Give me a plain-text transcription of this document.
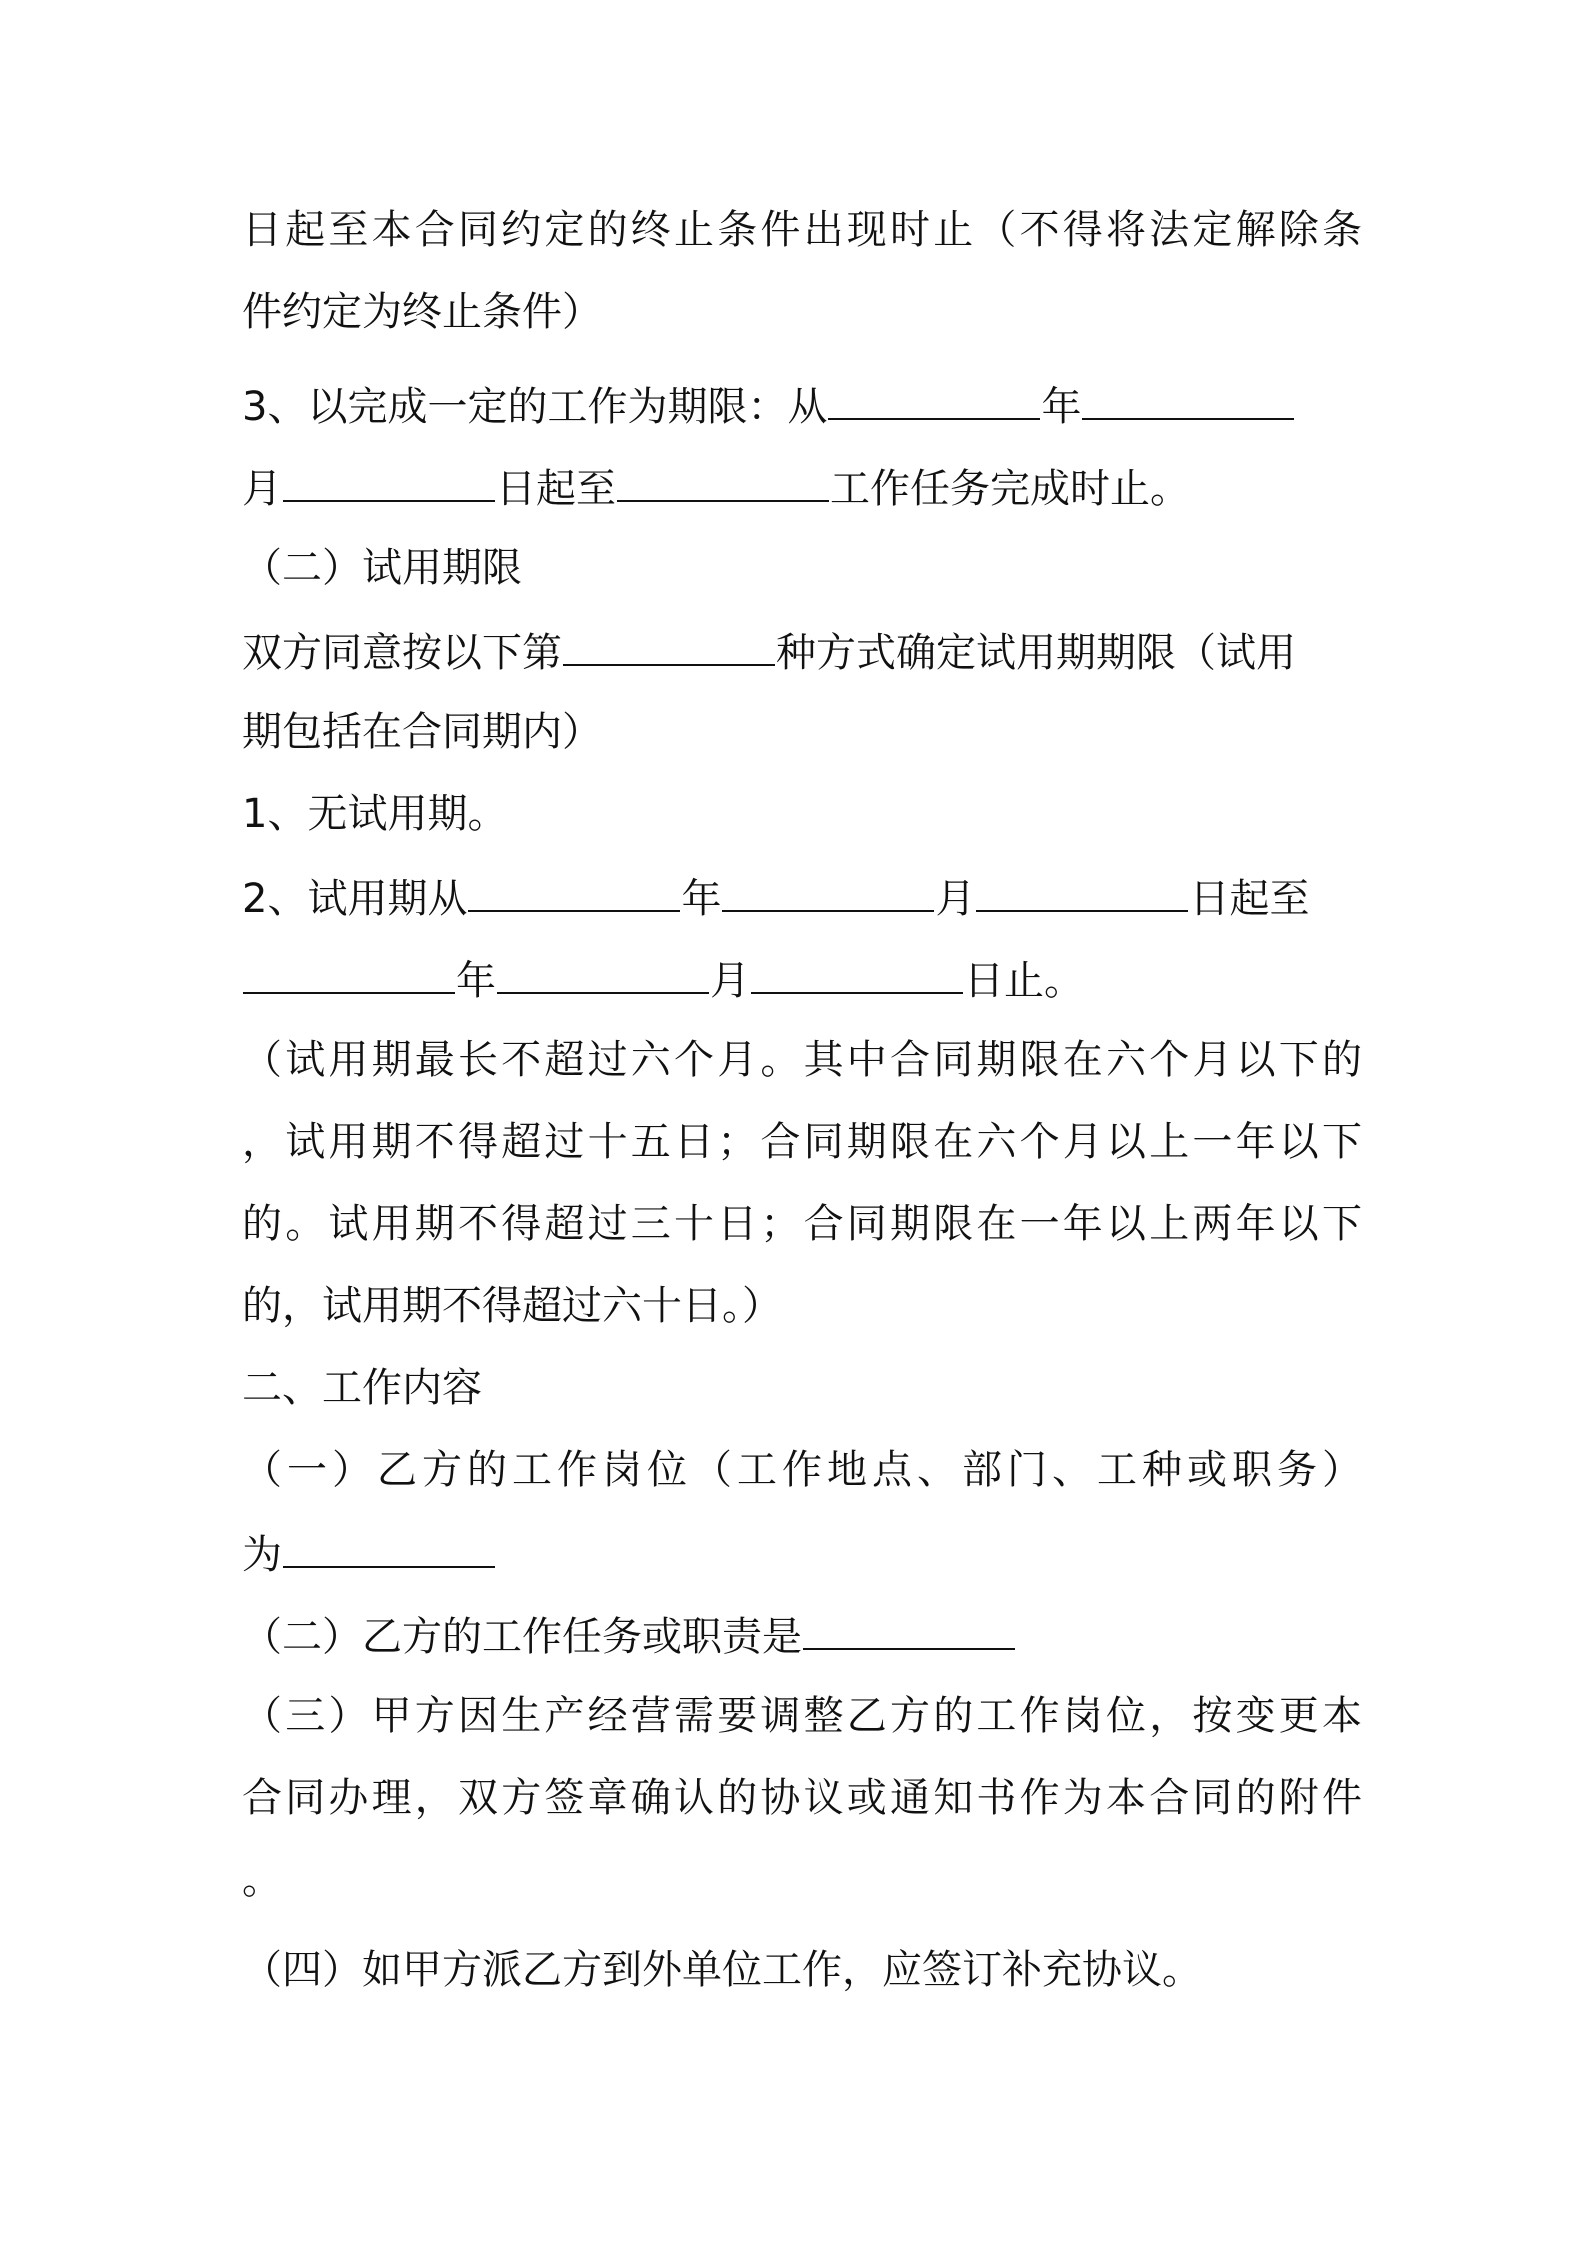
日起至本合同约定的终止条件出现时止（不得将法定解除条
件约定为终止条件）
3、以完成一定的工作为期限：从	年
月	日起至	工作任务完成时止。
（二）试用期限
双方同意按以下第	种方式确定试用期期限（试用
期包括在合同期内）
1、无试用期。
2、试用期从	年	月	日起至
年	月	日止。
（试用期最长不超过六个月。其中合同期限在六个月以下的
，试用期不得超过十五日；合同期限在六个月以上一年以下
的。试用期不得超过三十日；合同期限在一年以上两年以下
的，试用期不得超过六十日。）
二、工作内容
（一）乙方的工作岗位（工作地点、部门、工种或职务）
为
（二）乙方的工作任务或职责是
（三）甲方因生产经营需要调整乙方的工作岗位，按变更本
合同办理，双方签章确认的协议或通知书作为本合同的附件
。
（四）如甲方派乙方到外单位工作，应签订补充协议。
